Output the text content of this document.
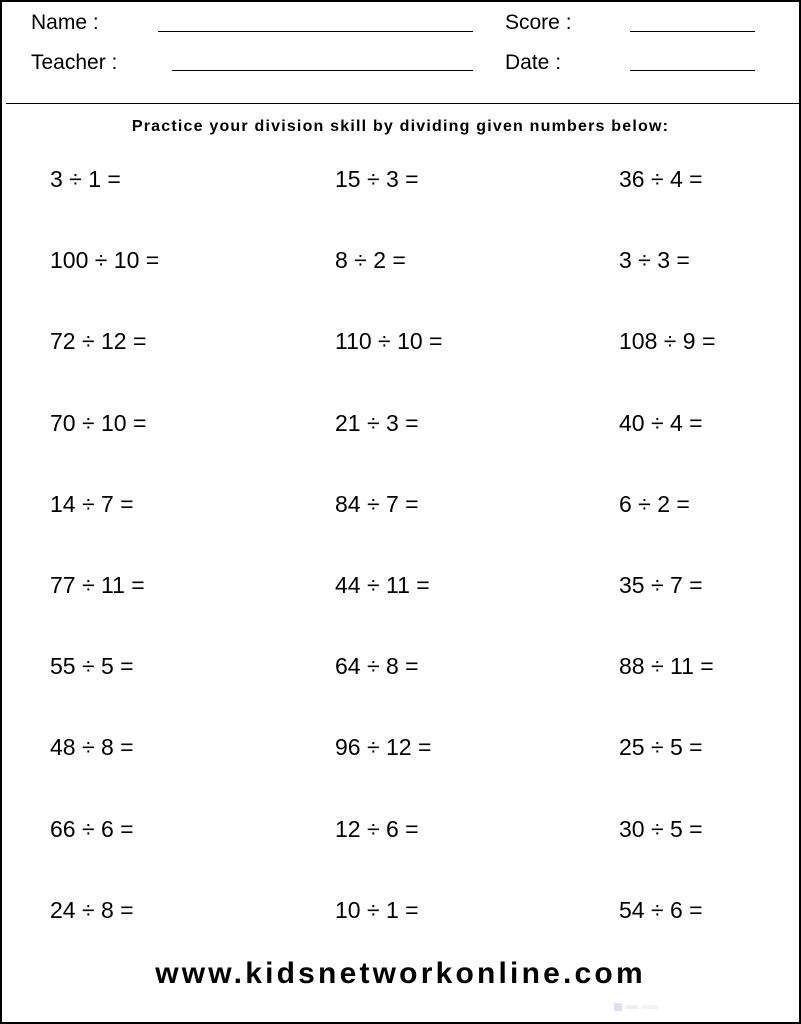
Name :
Teacher :
Score :
Date :
Practice your division skill by dividing given numbers below:
3 ÷ 1 =	15 ÷ 3 =	36 ÷ 4 =
100 ÷ 10 =	8 ÷ 2 =	3 ÷ 3 =
72 ÷ 12 =	110 ÷ 10 =	108 ÷ 9 =
70 ÷ 10 =	21 ÷ 3 =	40 ÷ 4 =
14 ÷ 7 =	84 ÷ 7 =	6 ÷ 2 =
77 ÷ 11 =	44 ÷ 11 =	35 ÷ 7 =
55 ÷ 5 =	64 ÷ 8 =	88 ÷ 11 =
48 ÷ 8 =	96 ÷ 12 =	25 ÷ 5 =
66 ÷ 6 =	12 ÷ 6 =	30 ÷ 5 =
24 ÷ 8 =	10 ÷ 1 =	54 ÷ 6 =
www.kidsnetworkonline.com
